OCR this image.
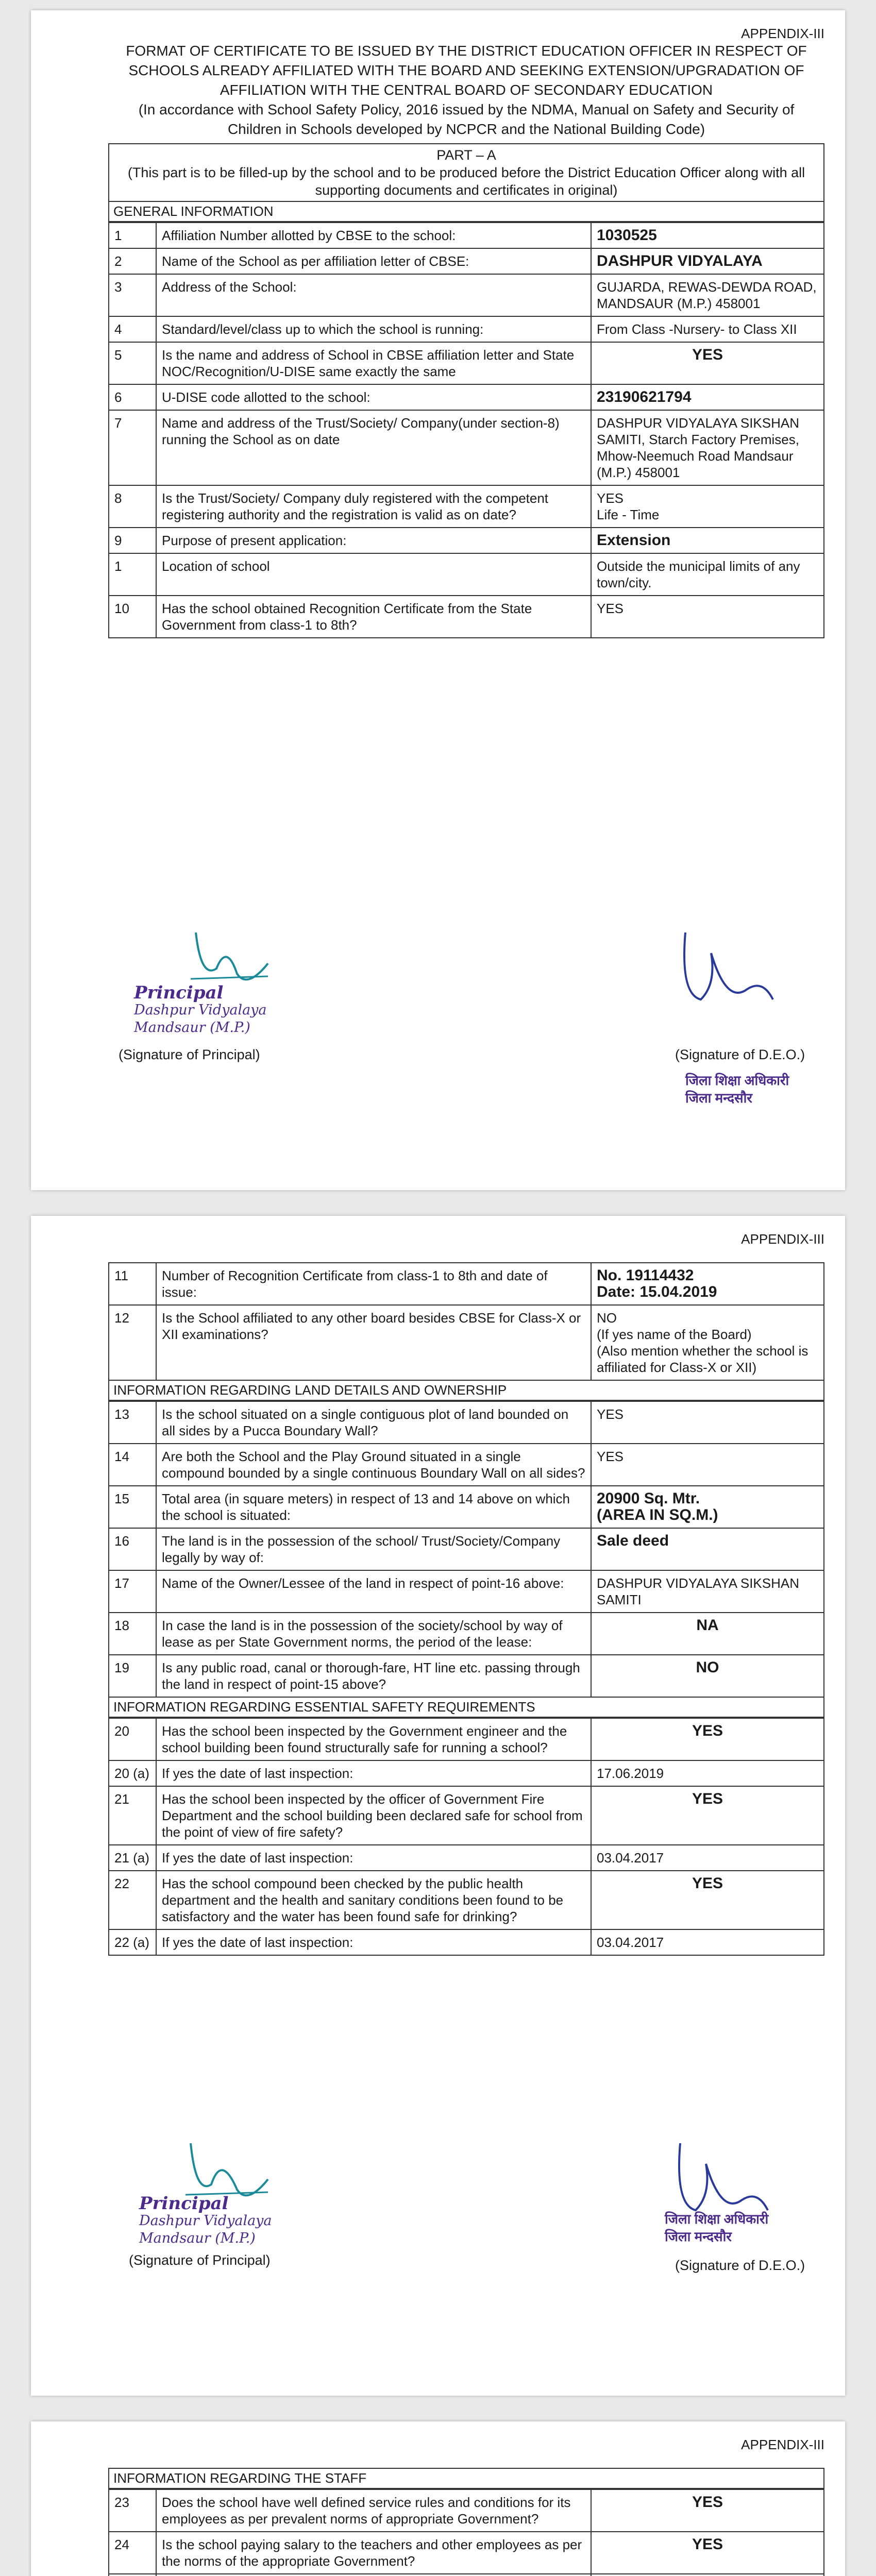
APPENDIX-III
FORMAT OF CERTIFICATE TO BE ISSUED BY THE DISTRICT EDUCATION OFFICER IN RESPECT OF
SCHOOLS ALREADY AFFILIATED WITH THE BOARD AND SEEKING EXTENSION/UPGRADATION OF
AFFILIATION WITH THE CENTRAL BOARD OF SECONDARY EDUCATION
(In accordance with School Safety Policy, 2016 issued by the NDMA, Manual on Safety and Security of
Children in Schools developed by NCPCR and the National Building Code)
PART – A
(This part is to be filled-up by the school and to be produced before the District Education Officer along with all supporting documents and certificates in original)
GENERAL INFORMATION
1	Affiliation Number allotted by CBSE to the school:	1030525
2	Name of the School as per affiliation letter of CBSE:	DASHPUR VIDYALAYA
3	Address of the School:	GUJARDA, REWAS-DEWDA ROAD, MANDSAUR (M.P.) 458001
4	Standard/level/class up to which the school is running:	From Class -Nursery- to Class XII
5	Is the name and address of School in CBSE affiliation letter and State NOC/Recognition/U-DISE same exactly the same	YES
6	U-DISE code allotted to the school:	23190621794
7	Name and address of the Trust/Society/ Company(under section-8) running the School as on date	DASHPUR VIDYALAYA SIKSHAN SAMITI, Starch Factory Premises, Mhow-Neemuch Road Mandsaur (M.P.) 458001
8	Is the Trust/Society/ Company duly registered with the competent registering authority and the registration is valid as on date?	YES
Life - Time
9	Purpose of present application:	Extension
1	Location of school	Outside the municipal limits of any town/city.
10	Has the school obtained Recognition Certificate from the State Government from class-1 to 8th?	YES
Principal
Dashpur Vidyalaya
Mandsaur (M.P.)
(Signature of Principal)	(Signature of D.E.O.)
जिला शिक्षा अधिकारी
जिला मन्दसौर
APPENDIX-III
11	Number of Recognition Certificate from class-1 to 8th and date of issue:	No. 19114432
Date: 15.04.2019
12	Is the School affiliated to any other board besides CBSE for Class-X or XII examinations?	NO
(If yes name of the Board)
(Also mention whether the school is affiliated for Class-X or XII)
INFORMATION REGARDING LAND DETAILS AND OWNERSHIP
13	Is the school situated on a single contiguous plot of land bounded on all sides by a Pucca Boundary Wall?	YES
14	Are both the School and the Play Ground situated in a single compound bounded by a single continuous Boundary Wall on all sides?	YES
15	Total area (in square meters) in respect of 13 and 14 above on which the school is situated:	20900 Sq. Mtr.
(AREA IN SQ.M.)
16	The land is in the possession of the school/ Trust/Society/Company legally by way of:	Sale deed
17	Name of the Owner/Lessee of the land in respect of point-16 above:	DASHPUR VIDYALAYA SIKSHAN SAMITI
18	In case the land is in the possession of the society/school by way of lease as per State Government norms, the period of the lease:	NA
19	Is any public road, canal or thorough-fare, HT line etc. passing through the land in respect of point-15 above?	NO
INFORMATION REGARDING ESSENTIAL SAFETY REQUIREMENTS
20	Has the school been inspected by the Government engineer and the school building been found structurally safe for running a school?	YES
20 (a)	If yes the date of last inspection:	17.06.2019
21	Has the school been inspected by the officer of Government Fire Department and the school building been declared safe for school from the point of view of fire safety?	YES
21 (a)	If yes the date of last inspection:	03.04.2017
22	Has the school compound been checked by the public health department and the health and sanitary conditions been found to be satisfactory and the water has been found safe for drinking?	YES
22 (a)	If yes the date of last inspection:	03.04.2017
Principal
Dashpur Vidyalaya
Mandsaur (M.P.)
(Signature of Principal)
जिला शिक्षा अधिकारी
जिला मन्दसौर
(Signature of D.E.O.)
APPENDIX-III
INFORMATION REGARDING THE STAFF
23	Does the school have well defined service rules and conditions for its employees as per prevalent norms of appropriate Government?	YES
24	Is the school paying salary to the teachers and other employees as per the norms of the appropriate Government?	YES
